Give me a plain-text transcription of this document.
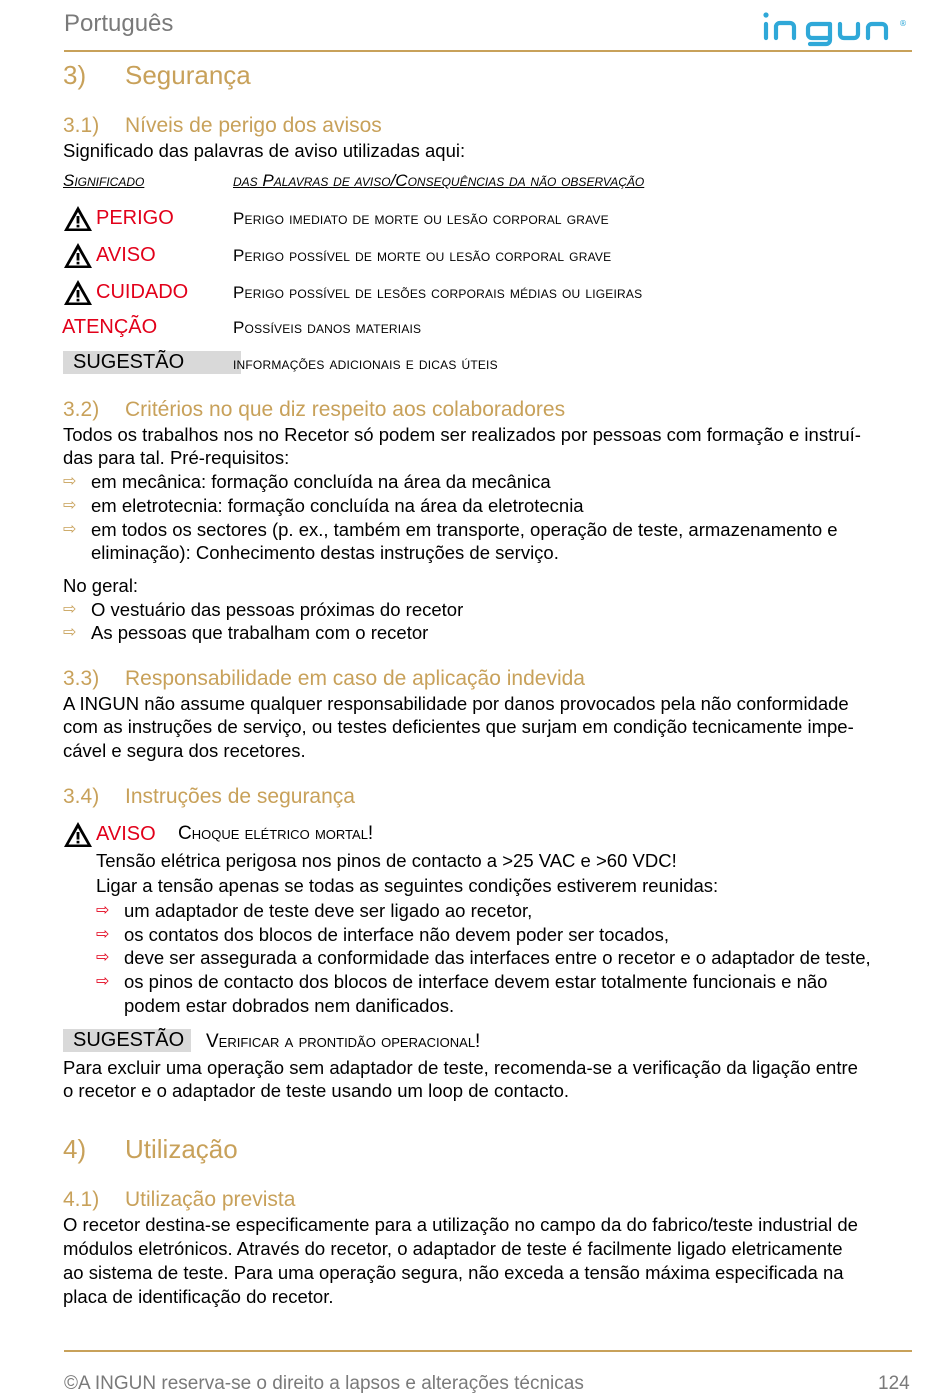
Português	®
3) Segurança
3.1) Níveis de perigo dos avisos
Significado das palavras de aviso utilizadas aqui:
Significado	das Palavras de aviso/Consequências da não observação
PERIGO	Perigo imediato de morte ou lesão corporal grave
AVISO	Perigo possível de morte ou lesão corporal grave
CUIDADO	Perigo possível de lesões corporais médias ou ligeiras
ATENÇÃO	Possíveis danos materiais
SUGESTÃO	informações adicionais e dicas úteis
3.2) Critérios no que diz respeito aos colaboradores
Todos os trabalhos nos no Recetor só podem ser realizados por pessoas com formação e instruí-
das para tal. Pré-requisitos:
⇨ em mecânica: formação concluída na área da mecânica
⇨ em eletrotecnia: formação concluída na área da eletrotecnia
⇨ em todos os sectores (p. ex., também em transporte, operação de teste, armazenamento e
eliminação): Conhecimento destas instruções de serviço.
No geral:
⇨ O vestuário das pessoas próximas do recetor
⇨ As pessoas que trabalham com o recetor
3.3) Responsabilidade em caso de aplicação indevida
A INGUN não assume qualquer responsabilidade por danos provocados pela não conformidade
com as instruções de serviço, ou testes deficientes que surjam em condição tecnicamente impe-
cável e segura dos recetores.
3.4) Instruções de segurança
AVISO Choque elétrico mortal!
Tensão elétrica perigosa nos pinos de contacto a >25 VAC e >60 VDC!
Ligar a tensão apenas se todas as seguintes condições estiverem reunidas:
⇨ um adaptador de teste deve ser ligado ao recetor,
⇨ os contatos dos blocos de interface não devem poder ser tocados,
⇨ deve ser assegurada a conformidade das interfaces entre o recetor e o adaptador de teste,
⇨ os pinos de contacto dos blocos de interface devem estar totalmente funcionais e não
podem estar dobrados nem danificados.
SUGESTÃO	Verificar a prontidão operacional!
Para excluir uma operação sem adaptador de teste, recomenda-se a verificação da ligação entre
o recetor e o adaptador de teste usando um loop de contacto.
4) Utilização
4.1) Utilização prevista
O recetor destina-se especificamente para a utilização no campo da do fabrico/teste industrial de
módulos eletrónicos. Através do recetor, o adaptador de teste é facilmente ligado eletricamente
ao sistema de teste. Para uma operação segura, não exceda a tensão máxima especificada na
placa de identificação do recetor.
©A INGUN reserva-se o direito a lapsos e alterações técnicas	124
